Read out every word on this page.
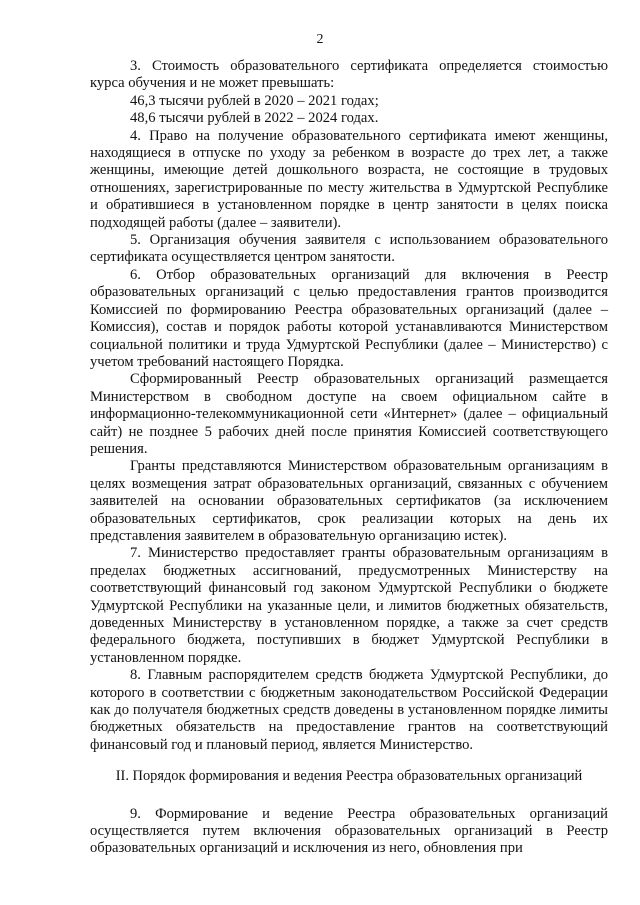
2

3. Стоимость образовательного сертификата определяется стоимостью курса обучения и не может превышать:

46,3 тысячи рублей в 2020 – 2021 годах;

48,6 тысячи рублей в 2022 – 2024 годах.

4. Право на получение образовательного сертификата имеют женщины, находящиеся в отпуске по уходу за ребенком в возрасте до трех лет, а также женщины, имеющие детей дошкольного возраста, не состоящие в трудовых отношениях, зарегистрированные по месту жительства в Удмуртской Республике и обратившиеся в установленном порядке в центр занятости в целях поиска подходящей работы (далее – заявители).

5. Организация обучения заявителя с использованием образовательного сертификата осуществляется центром занятости.

6. Отбор образовательных организаций для включения в Реестр образовательных организаций с целью предоставления грантов производится Комиссией по формированию Реестра образовательных организаций (далее – Комиссия), состав и порядок работы которой устанавливаются Министерством социальной политики и труда Удмуртской Республики (далее – Министерство) с учетом требований настоящего Порядка.

Сформированный Реестр образовательных организаций размещается Министерством в свободном доступе на своем официальном сайте в информационно-телекоммуникационной сети «Интернет» (далее – официальный сайт) не позднее 5 рабочих дней после принятия Комиссией соответствующего решения.

Гранты представляются Министерством образовательным организациям в целях возмещения затрат образовательных организаций, связанных с обучением заявителей на основании образовательных сертификатов (за исключением образовательных сертификатов, срок реализации которых на день их представления заявителем в образовательную организацию истек).

7. Министерство предоставляет гранты образовательным организациям в пределах бюджетных ассигнований, предусмотренных Министерству на соответствующий финансовый год законом Удмуртской Республики о бюджете Удмуртской Республики на указанные цели, и лимитов бюджетных обязательств, доведенных Министерству в установленном порядке, а также за счет средств федерального бюджета, поступивших в бюджет Удмуртской Республики в установленном порядке.

8. Главным распорядителем средств бюджета Удмуртской Республики, до которого в соответствии с бюджетным законодательством Российской Федерации как до получателя бюджетных средств доведены в установленном порядке лимиты бюджетных обязательств на предоставление грантов на соответствующий финансовый год и плановый период, является Министерство.

II. Порядок формирования и ведения Реестра образовательных организаций

9. Формирование и ведение Реестра образовательных организаций осуществляется путем включения образовательных организаций в Реестр образовательных организаций и исключения из него, обновления при
